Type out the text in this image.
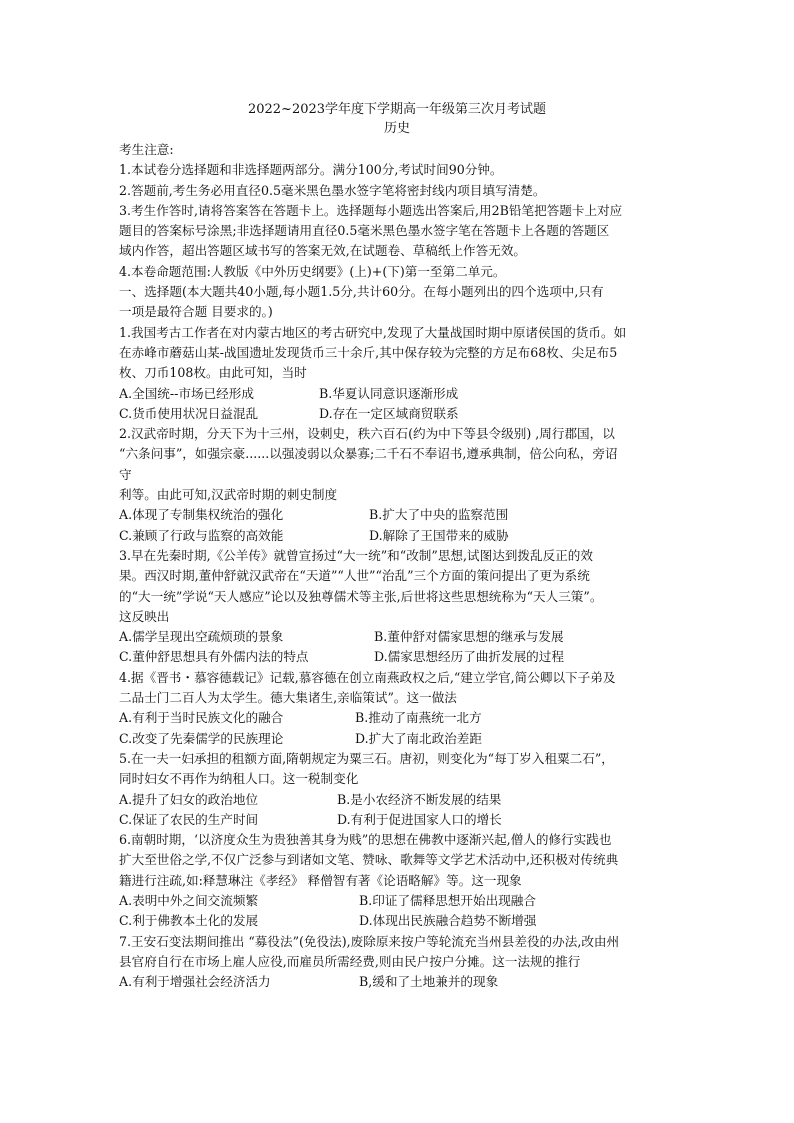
2022~2023学年度下学期高一年级第三次月考试题
历史
考生注意:
1.本试卷分选择题和非选择题两部分。满分100分,考试时间90分钟。
2.答题前,考生务必用直径0.5毫米黑色墨水签字笔将密封线内项目填写清楚。
3.考生作答时,请将答案答在答题卡上。选择题每小题选出答案后,用2B铅笔把答题卡上对应
题目的答案标号涂黑;非选择题请用直径0.5毫米黑色墨水签字笔在答题卡上各题的答题区
域内作答，超出答题区域书写的答案无效,在试题卷、草稿纸上作答无效。
4.本卷命题范围:人教版《中外历史纲要》(上)+(下)第一至第二单元。
一、选择题(本大题共40小题,每小题1.5分,共计60分。在每小题列出的四个选项中,只有
一项是最符合题 目要求的。)
1.我国考古工作者在对内蒙古地区的考古研究中,发现了大量战国时期中原诸侯国的货币。如
在赤峰市蘑菇山某-战国遗址发现货币三十余斤,其中保存较为完整的方足布68枚、尖足布5
枚、刀币108枚。由此可知，当时
A.全国统--市场已经形成	B.华夏认同意识逐渐形成
C.货币使用状况日益混乱	D.存在一定区域商贸联系
2.汉武帝时期，分天下为十三州，设刺史，秩六百石(约为中下等县令级别) ,周行郡国，以
“六条问事”，如强宗豪......以强凌弱以众暴寡;二千石不奉诏书,遵承典制，倍公向私，旁诏
守
利等。由此可知,汉武帝时期的刺史制度
A.体现了专制集权统治的强化	B.扩大了中央的监察范围
C.兼顾了行政与监察的高效能	D.解除了王国带来的威胁
3.早在先秦时期,《公羊传》就曾宣扬过“大一统”和“改制”思想,试图达到拨乱反正的效
果。西汉时期,董仲舒就汉武帝在“天道”“人世”“治乱”三个方面的策问提出了更为系统
的“大一统”学说“天人感应”论以及独尊儒术等主张,后世将这些思想统称为“天人三策”。
这反映出
A.儒学呈现出空疏烦琐的景象	B.董仲舒对儒家思想的继承与发展
C.董仲舒思想具有外儒内法的特点	D.儒家思想经历了曲折发展的过程
4.据《晋书・慕容德载记》记载,慕容德在创立南燕政权之后,“建立学官,简公卿以下子弟及
二品士门二百人为太学生。德大集诸生,亲临策试”。这一做法
A.有利于当时民族文化的融合	B.推动了南燕统一北方
C.改变了先秦儒学的民族理论	D.扩大了南北政治差距
5.在一夫一妇承担的租额方面,隋朝规定为粟三石。唐初，则变化为“每丁岁入租粟二石”，
同时妇女不再作为纳租人口。这一税制变化
A.提升了妇女的政治地位	B.是小农经济不断发展的结果
C.保证了农民的生产时间	D.有利于促进国家人口的增长
6.南朝时期，‘以济度众生为贵独善其身为贱”的思想在佛教中逐渐兴起,僧人的修行实践也
扩大至世俗之学,不仅广泛参与到诸如文笔、赞咏、歌舞等文学艺术活动中,还积极对传统典
籍进行注疏,如:释慧琳注《孝经》 释僧智有著《论语略解》等。这一现象
A.表明中外之间交流频繁	B.印证了儒释思想开始出现融合
C.利于佛教本土化的发展	D.体现出民族融合趋势不断增强
7.王安石变法期间推出 “募役法”(免役法),废除原来按户等轮流充当州县差役的办法,改由州
县官府自行在市场上雇人应役,而雇员所需经费,则由民户按户分摊。这一法规的推行
A.有利于增强社会经济活力	B,缓和了土地兼并的现象
